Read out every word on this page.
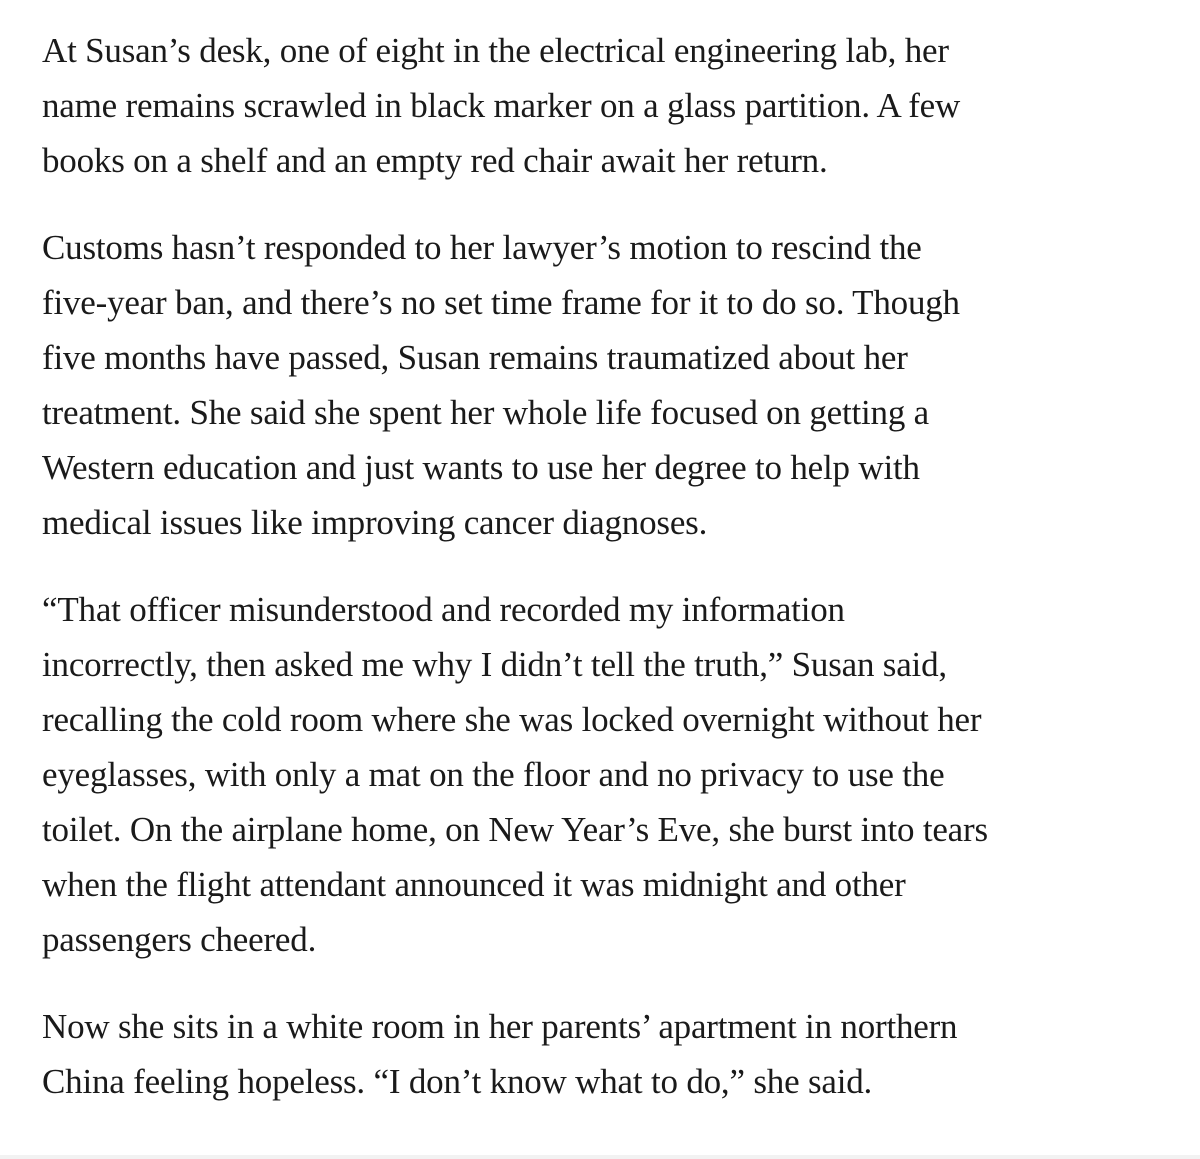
At Susan’s desk, one of eight in the electrical engineering lab, her
name remains scrawled in black marker on a glass partition. A few
books on a shelf and an empty red chair await her return.

Customs hasn’t responded to her lawyer’s motion to rescind the
five-year ban, and there’s no set time frame for it to do so. Though
five months have passed, Susan remains traumatized about her
treatment. She said she spent her whole life focused on getting a
Western education and just wants to use her degree to help with
medical issues like improving cancer diagnoses.

“That officer misunderstood and recorded my information
incorrectly, then asked me why I didn’t tell the truth,” Susan said,
recalling the cold room where she was locked overnight without her
eyeglasses, with only a mat on the floor and no privacy to use the
toilet. On the airplane home, on New Year’s Eve, she burst into tears
when the flight attendant announced it was midnight and other
passengers cheered.

Now she sits in a white room in her parents’ apartment in northern
China feeling hopeless. “I don’t know what to do,” she said.
